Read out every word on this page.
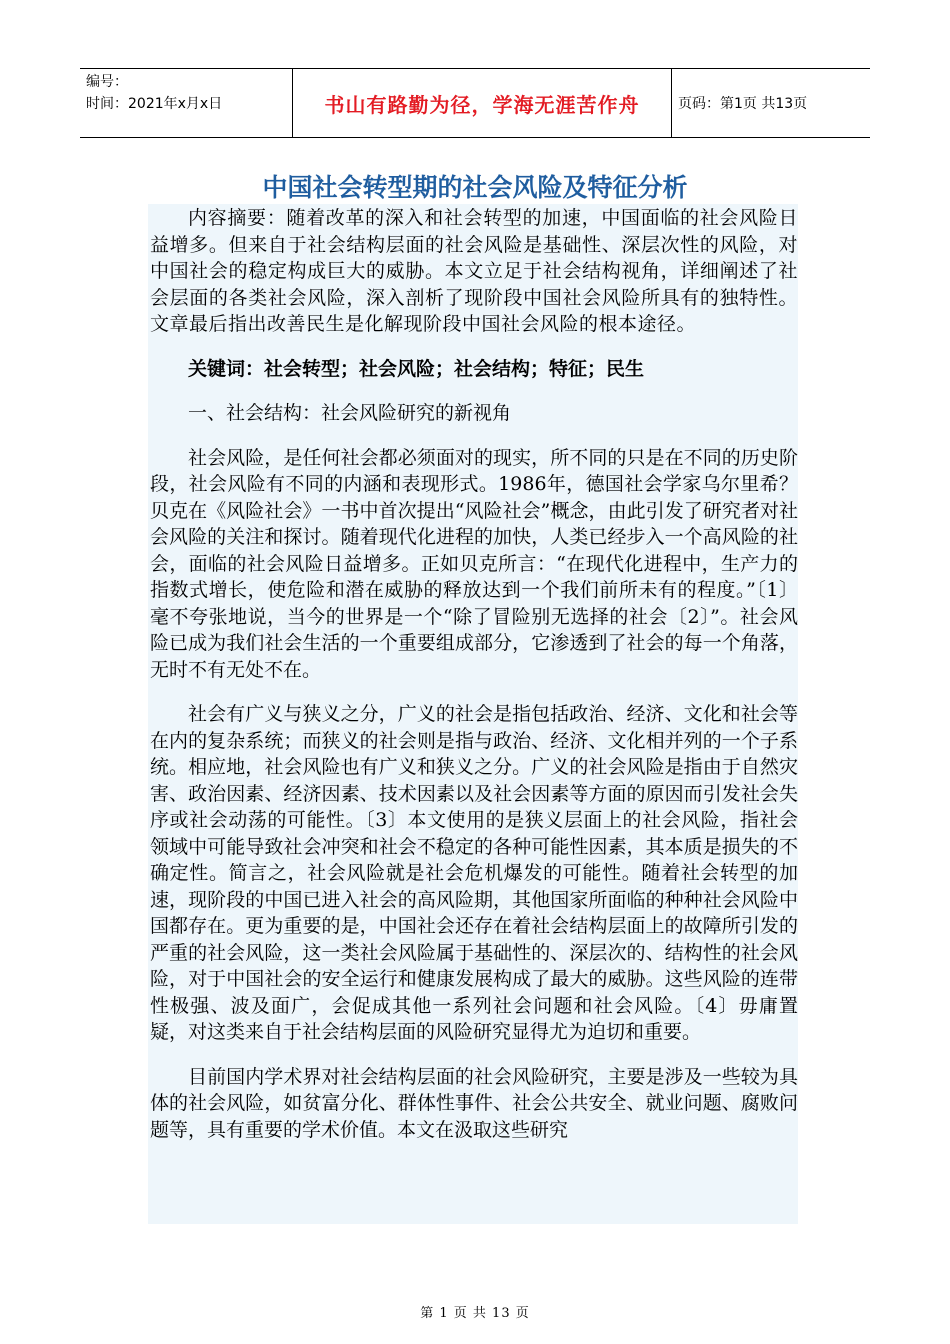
编号：
时间：2021年x月x日	书山有路勤为径，学海无涯苦作舟	页码：第1页 共13页
中国社会转型期的社会风险及特征分析

内容摘要：随着改革的深入和社会转型的加速，中国面临的社会风险日益增多。但来自于社会结构层面的社会风险是基础性、深层次性的风险，对中国社会的稳定构成巨大的威胁。本文立足于社会结构视角，详细阐述了社会层面的各类社会风险，深入剖析了现阶段中国社会风险所具有的独特性。文章最后指出改善民生是化解现阶段中国社会风险的根本途径。

关键词：社会转型；社会风险；社会结构；特征；民生

一、社会结构：社会风险研究的新视角

社会风险，是任何社会都必须面对的现实，所不同的只是在不同的历史阶段，社会风险有不同的内涵和表现形式。1986年，德国社会学家乌尔里希？贝克在《风险社会》一书中首次提出“风险社会”概念，由此引发了研究者对社会风险的关注和探讨。随着现代化进程的加快，人类已经步入一个高风险的社会，面临的社会风险日益增多。正如贝克所言：“在现代化进程中，生产力的指数式增长，使危险和潜在威胁的释放达到一个我们前所未有的程度。”〔1〕毫不夸张地说，当今的世界是一个“除了冒险别无选择的社会〔2〕”。社会风险已成为我们社会生活的一个重要组成部分，它渗透到了社会的每一个角落，无时不有无处不在。

社会有广义与狭义之分，广义的社会是指包括政治、经济、文化和社会等在内的复杂系统；而狭义的社会则是指与政治、经济、文化相并列的一个子系统。相应地，社会风险也有广义和狭义之分。广义的社会风险是指由于自然灾害、政治因素、经济因素、技术因素以及社会因素等方面的原因而引发社会失序或社会动荡的可能性。〔3〕本文使用的是狭义层面上的社会风险，指社会领域中可能导致社会冲突和社会不稳定的各种可能性因素，其本质是损失的不确定性。简言之，社会风险就是社会危机爆发的可能性。随着社会转型的加速，现阶段的中国已进入社会的高风险期，其他国家所面临的种种社会风险中国都存在。更为重要的是，中国社会还存在着社会结构层面上的故障所引发的严重的社会风险，这一类社会风险属于基础性的、深层次的、结构性的社会风险，对于中国社会的安全运行和健康发展构成了最大的威胁。这些风险的连带性极强、波及面广，会促成其他一系列社会问题和社会风险。〔4〕毋庸置疑，对这类来自于社会结构层面的风险研究显得尤为迫切和重要。

目前国内学术界对社会结构层面的社会风险研究，主要是涉及一些较为具体的社会风险，如贫富分化、群体性事件、社会公共安全、就业问题、腐败问题等，具有重要的学术价值。本文在汲取这些研究

第 1 页 共 13 页
